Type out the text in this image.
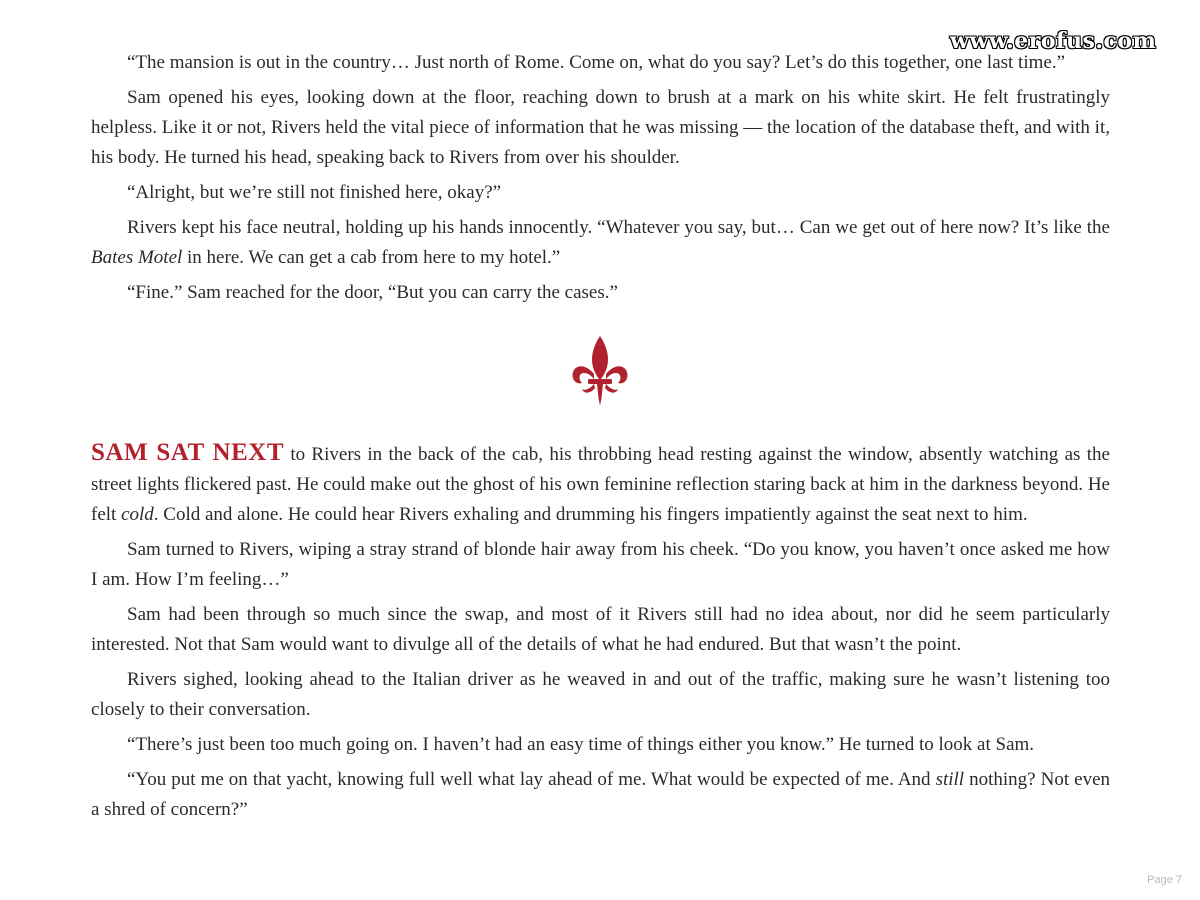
www.erofus.com

“The mansion is out in the country… Just north of Rome. Come on, what do you say? Let’s do this together, one last time.”

Sam opened his eyes, looking down at the floor, reaching down to brush at a mark on his white skirt. He felt frustratingly helpless. Like it or not, Rivers held the vital piece of information that he was missing — the location of the database theft, and with it, his body. He turned his head, speaking back to Rivers from over his shoulder.

“Alright, but we’re still not finished here, okay?”

Rivers kept his face neutral, holding up his hands innocently. “Whatever you say, but… Can we get out of here now? It’s like the Bates Motel in here. We can get a cab from here to my hotel.”

“Fine.” Sam reached for the door, “But you can carry the cases.”

SAM SAT NEXT to Rivers in the back of the cab, his throbbing head resting against the window, absently watching as the street lights flickered past. He could make out the ghost of his own feminine reflection staring back at him in the darkness beyond. He felt cold. Cold and alone. He could hear Rivers exhaling and drumming his fingers impatiently against the seat next to him.

Sam turned to Rivers, wiping a stray strand of blonde hair away from his cheek. “Do you know, you haven’t once asked me how I am. How I’m feeling…”

Sam had been through so much since the swap, and most of it Rivers still had no idea about, nor did he seem particularly interested. Not that Sam would want to divulge all of the details of what he had endured. But that wasn’t the point.

Rivers sighed, looking ahead to the Italian driver as he weaved in and out of the traffic, making sure he wasn’t listening too closely to their conversation.

“There’s just been too much going on. I haven’t had an easy time of things either you know.” He turned to look at Sam.

“You put me on that yacht, knowing full well what lay ahead of me. What would be expected of me. And still nothing? Not even a shred of concern?”

Page 7
